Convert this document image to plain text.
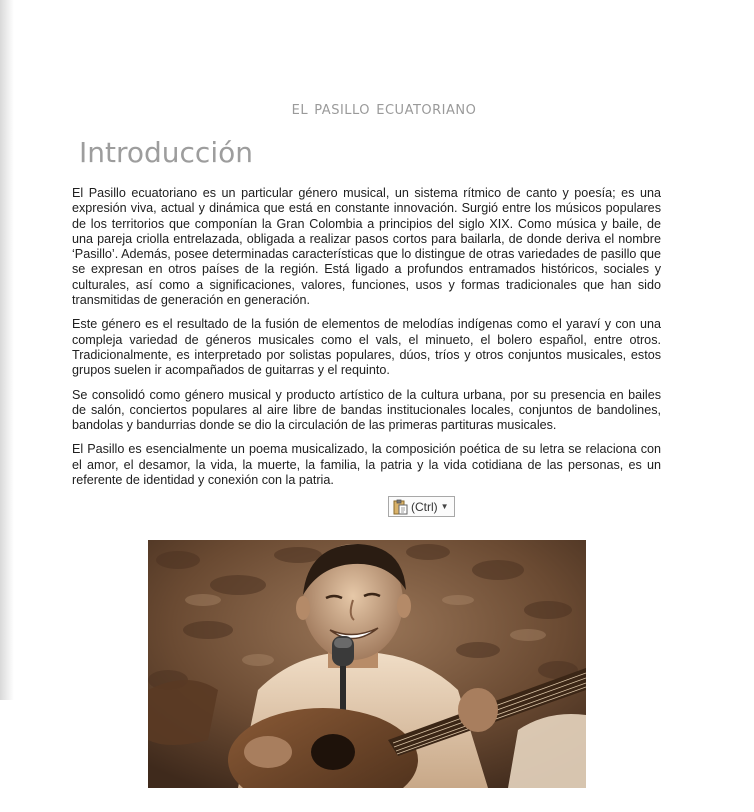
el pasillo ecuatoriano
Introducción

El Pasillo ecuatoriano es un particular género musical, un sistema rítmico de canto y poesía; es una expresión viva, actual y dinámica que está en constante innovación. Surgió entre los músicos populares de los territorios que componían la Gran Colombia a principios del siglo XIX. Como música y baile, de una pareja criolla entrelazada, obligada a realizar pasos cortos para bailarla, de donde deriva el nombre ‘Pasillo’. Además, posee determinadas características que lo distingue de otras variedades de pasillo que se expresan en otros países de la región. Está ligado a profundos entramados históricos, sociales y culturales, así como a significaciones, valores, funciones, usos y formas tradicionales que han sido transmitidas de generación en generación.

Este género es el resultado de la fusión de elementos de melodías indígenas como el yaraví y con una compleja variedad de géneros musicales como el vals, el minueto, el bolero español, entre otros. Tradicionalmente, es interpretado por solistas populares, dúos, tríos y otros conjuntos musicales, estos grupos suelen ir acompañados de guitarras y el requinto.

Se consolidó como género musical y producto artístico de la cultura urbana, por su presencia en bailes de salón, conciertos populares al aire libre de bandas institucionales locales, conjuntos de bandolines, bandolas y bandurrias donde se dio la circulación de las primeras partituras musicales.

El Pasillo es esencialmente un poema musicalizado, la composición poética de su letra se relaciona con el amor, el desamor, la vida, la muerte, la familia, la patria y la vida cotidiana de las personas, es un referente de identidad y conexión con la patria.

(Ctrl) ▼
